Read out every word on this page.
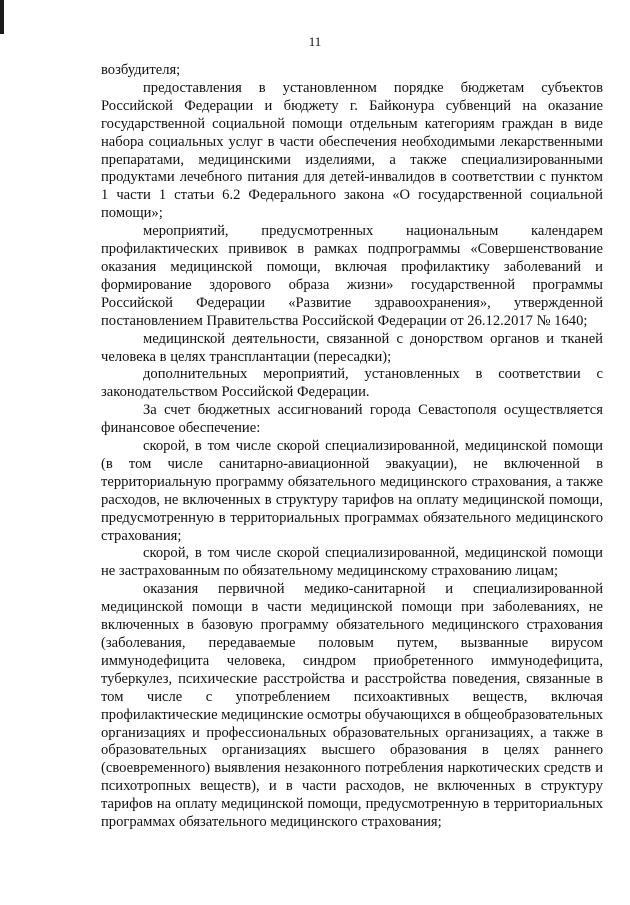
11

возбудителя;

предоставления в установленном порядке бюджетам субъектов Российской Федерации и бюджету г. Байконура субвенций на оказание государственной социальной помощи отдельным категориям граждан в виде набора социальных услуг в части обеспечения необходимыми лекарственными препаратами, медицинскими изделиями, а также специализированными продуктами лечебного питания для детей-инвалидов в соответствии с пунктом 1 части 1 статьи 6.2 Федерального закона «О государственной социальной помощи»;

мероприятий, предусмотренных национальным календарем профилактических прививок в рамках подпрограммы «Совершенствование оказания медицинской помощи, включая профилактику заболеваний и формирование здорового образа жизни» государственной программы Российской Федерации «Развитие здравоохранения», утвержденной постановлением Правительства Российской Федерации от 26.12.2017 № 1640;

медицинской деятельности, связанной с донорством органов и тканей человека в целях трансплантации (пересадки);

дополнительных мероприятий, установленных в соответствии с законодательством Российской Федерации.

За счет бюджетных ассигнований города Севастополя осуществляется финансовое обеспечение:

скорой, в том числе скорой специализированной, медицинской помощи (в том числе санитарно-авиационной эвакуации), не включенной в территориальную программу обязательного медицинского страхования, а также расходов, не включенных в структуру тарифов на оплату медицинской помощи, предусмотренную в территориальных программах обязательного медицинского страхования;

скорой, в том числе скорой специализированной, медицинской помощи не застрахованным по обязательному медицинскому страхованию лицам;

оказания первичной медико-санитарной и специализированной медицинской помощи в части медицинской помощи при заболеваниях, не включенных в базовую программу обязательного медицинского страхования (заболевания, передаваемые половым путем, вызванные вирусом иммунодефицита человека, синдром приобретенного иммунодефицита, туберкулез, психические расстройства и расстройства поведения, связанные в том числе с употреблением психоактивных веществ, включая профилактические медицинские осмотры обучающихся в общеобразовательных организациях и профессиональных образовательных организациях, а также в образовательных организациях высшего образования в целях раннего (своевременного) выявления незаконного потребления наркотических средств и психотропных веществ), и в части расходов, не включенных в структуру тарифов на оплату медицинской помощи, предусмотренную в территориальных программах обязательного медицинского страхования;
